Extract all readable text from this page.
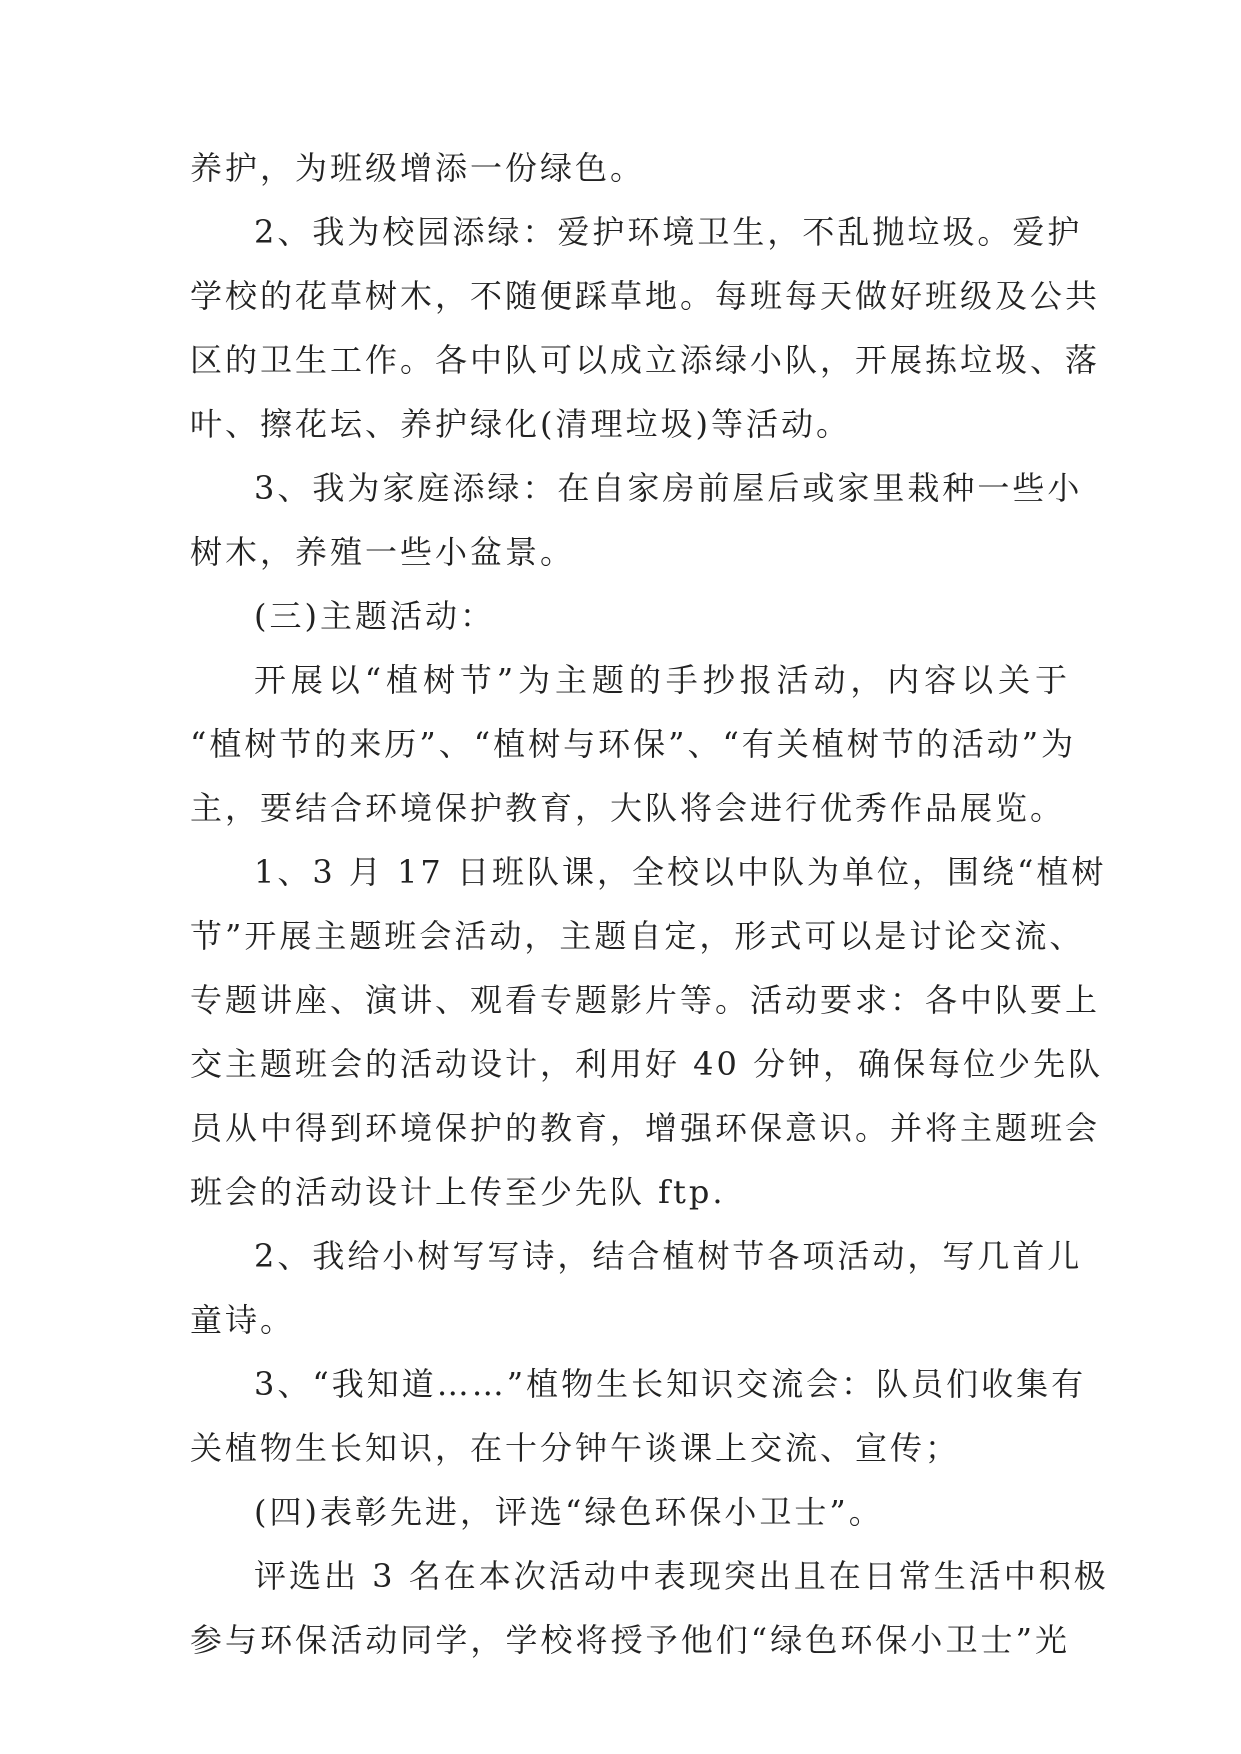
养护，为班级增添一份绿色。
2、我为校园添绿：爱护环境卫生，不乱抛垃圾。爱护
学校的花草树木，不随便踩草地。每班每天做好班级及公共
区的卫生工作。各中队可以成立添绿小队，开展拣垃圾、落
叶、擦花坛、养护绿化(清理垃圾)等活动。
3、我为家庭添绿：在自家房前屋后或家里栽种一些小
树木，养殖一些小盆景。
(三)主题活动：
开展以“植树节”为主题的手抄报活动，内容以关于
“植树节的来历”、“植树与环保”、“有关植树节的活动”为
主，要结合环境保护教育，大队将会进行优秀作品展览。
1、3 月 17 日班队课，全校以中队为单位，围绕“植树
节”开展主题班会活动，主题自定，形式可以是讨论交流、
专题讲座、演讲、观看专题影片等。活动要求：各中队要上
交主题班会的活动设计，利用好 40 分钟，确保每位少先队
员从中得到环境保护的教育，增强环保意识。并将主题班会
班会的活动设计上传至少先队 ftp.
2、我给小树写写诗，结合植树节各项活动，写几首儿
童诗。
3、“我知道……”植物生长知识交流会：队员们收集有
关植物生长知识，在十分钟午谈课上交流、宣传；
(四)表彰先进，评选“绿色环保小卫士”。
评选出 3 名在本次活动中表现突出且在日常生活中积极
参与环保活动同学，学校将授予他们“绿色环保小卫士”光
